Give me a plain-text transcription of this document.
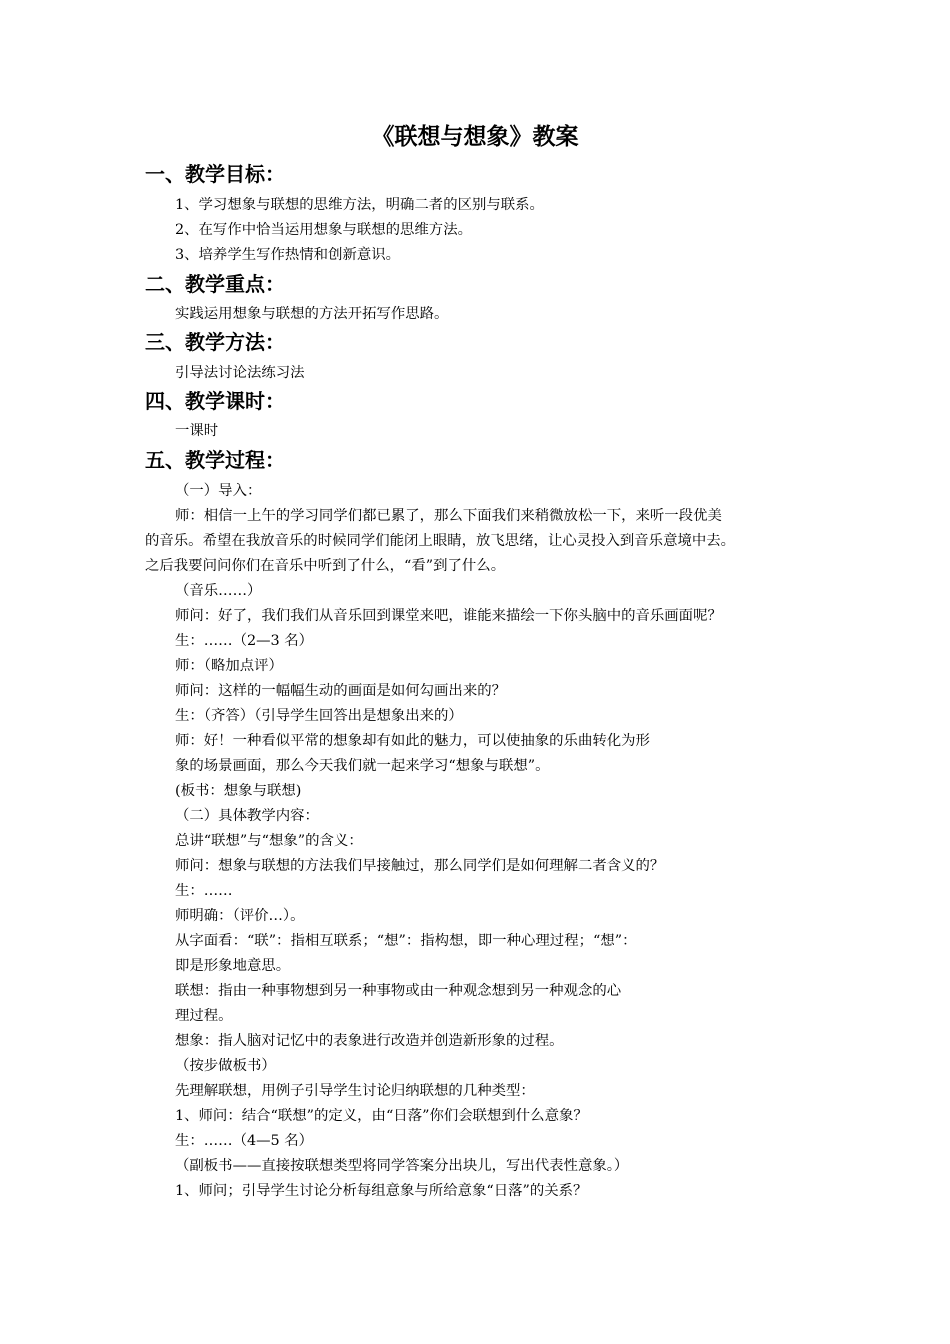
《联想与想象》教案
一、教学目标：
1、学习想象与联想的思维方法，明确二者的区别与联系。
2、在写作中恰当运用想象与联想的思维方法。
3、培养学生写作热情和创新意识。
二、教学重点：
实践运用想象与联想的方法开拓写作思路。
三、教学方法：
引导法讨论法练习法
四、教学课时：
一课时
五、教学过程：
（一）导入：
师：相信一上午的学习同学们都已累了，那么下面我们来稍微放松一下，来听一段优美
的音乐。希望在我放音乐的时候同学们能闭上眼睛，放飞思绪，让心灵投入到音乐意境中去。
之后我要问问你们在音乐中听到了什么，“看”到了什么。
（音乐……）
师问：好了，我们我们从音乐回到课堂来吧，谁能来描绘一下你头脑中的音乐画面呢？
生：……（2—3 名）
师：（略加点评）
师问：这样的一幅幅生动的画面是如何勾画出来的？
生：（齐答）（引导学生回答出是想象出来的）
师：好！一种看似平常的想象却有如此的魅力，可以使抽象的乐曲转化为形
象的场景画面，那么今天我们就一起来学习“想象与联想”。
(板书：想象与联想)
（二）具体教学内容：
总讲“联想”与“想象”的含义：
师问：想象与联想的方法我们早接触过，那么同学们是如何理解二者含义的？
生：……
师明确：（评价…）。
从字面看：“联”：指相互联系；“想”：指构想，即一种心理过程；“想”：
即是形象地意思。
联想：指由一种事物想到另一种事物或由一种观念想到另一种观念的心
理过程。
想象：指人脑对记忆中的表象进行改造并创造新形象的过程。
（按步做板书）
先理解联想，用例子引导学生讨论归纳联想的几种类型：
1、师问：结合“联想”的定义，由“日落”你们会联想到什么意象？
生：……（4—5 名）
（副板书——直接按联想类型将同学答案分出块儿，写出代表性意象。）
1、师问；引导学生讨论分析每组意象与所给意象“日落”的关系？
